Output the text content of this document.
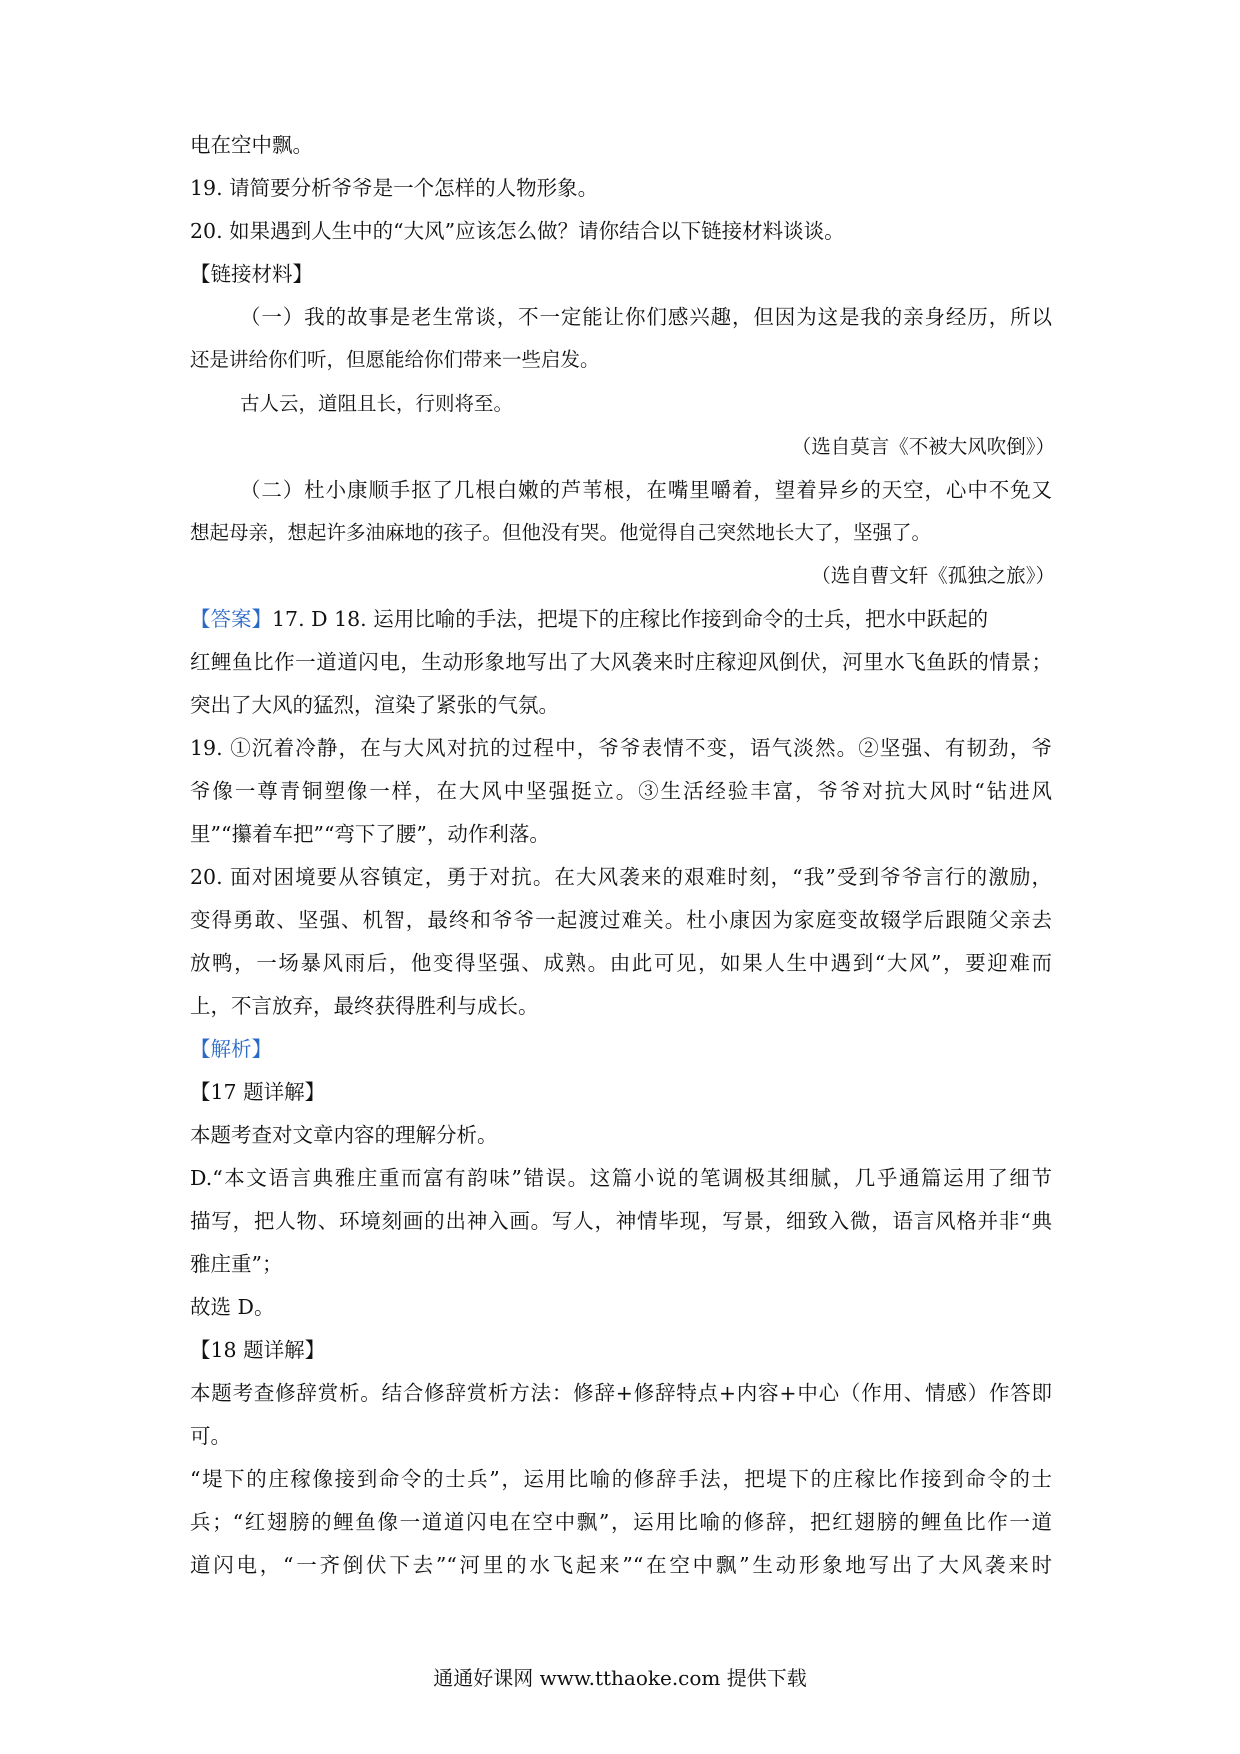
电在空中飘。
19. 请简要分析爷爷是一个怎样的人物形象。
20. 如果遇到人生中的“大风”应该怎么做？请你结合以下链接材料谈谈。
【链接材料】
（一）我的故事是老生常谈，不一定能让你们感兴趣，但因为这是我的亲身经历，所以
还是讲给你们听，但愿能给你们带来一些启发。
古人云，道阻且长，行则将至。
（选自莫言《不被大风吹倒》）
（二）杜小康顺手抠了几根白嫩的芦苇根，在嘴里嚼着，望着异乡的天空，心中不免又
想起母亲，想起许多油麻地的孩子。但他没有哭。他觉得自己突然地长大了，坚强了。
（选自曹文轩《孤独之旅》）
【答案】17. D 18. 运用比喻的手法，把堤下的庄稼比作接到命令的士兵，把水中跃起的
红鲤鱼比作一道道闪电，生动形象地写出了大风袭来时庄稼迎风倒伏，河里水飞鱼跃的情景；
突出了大风的猛烈，渲染了紧张的气氛。
19. ①沉着冷静，在与大风对抗的过程中，爷爷表情不变，语气淡然。②坚强、有韧劲，爷
爷像一尊青铜塑像一样，在大风中坚强挺立。③生活经验丰富，爷爷对抗大风时“钻进风
里”“攥着车把”“弯下了腰”，动作利落。
20. 面对困境要从容镇定，勇于对抗。在大风袭来的艰难时刻，“我”受到爷爷言行的激励，
变得勇敢、坚强、机智，最终和爷爷一起渡过难关。杜小康因为家庭变故辍学后跟随父亲去
放鸭，一场暴风雨后，他变得坚强、成熟。由此可见，如果人生中遇到“大风”，要迎难而
上，不言放弃，最终获得胜利与成长。
【解析】
【17 题详解】
本题考查对文章内容的理解分析。
D.“本文语言典雅庄重而富有韵味”错误。这篇小说的笔调极其细腻，几乎通篇运用了细节
描写，把人物、环境刻画的出神入画。写人，神情毕现，写景，细致入微，语言风格并非“典
雅庄重”；
故选 D。
【18 题详解】
本题考查修辞赏析。结合修辞赏析方法：修辞+修辞特点+内容+中心（作用、情感）作答即
可。
“堤下的庄稼像接到命令的士兵”，运用比喻的修辞手法，把堤下的庄稼比作接到命令的士
兵；“红翅膀的鲤鱼像一道道闪电在空中飘”，运用比喻的修辞，把红翅膀的鲤鱼比作一道
道闪电，“一齐倒伏下去”“河里的水飞起来”“在空中飘”生动形象地写出了大风袭来时
通通好课网 www.tthaoke.com 提供下载
